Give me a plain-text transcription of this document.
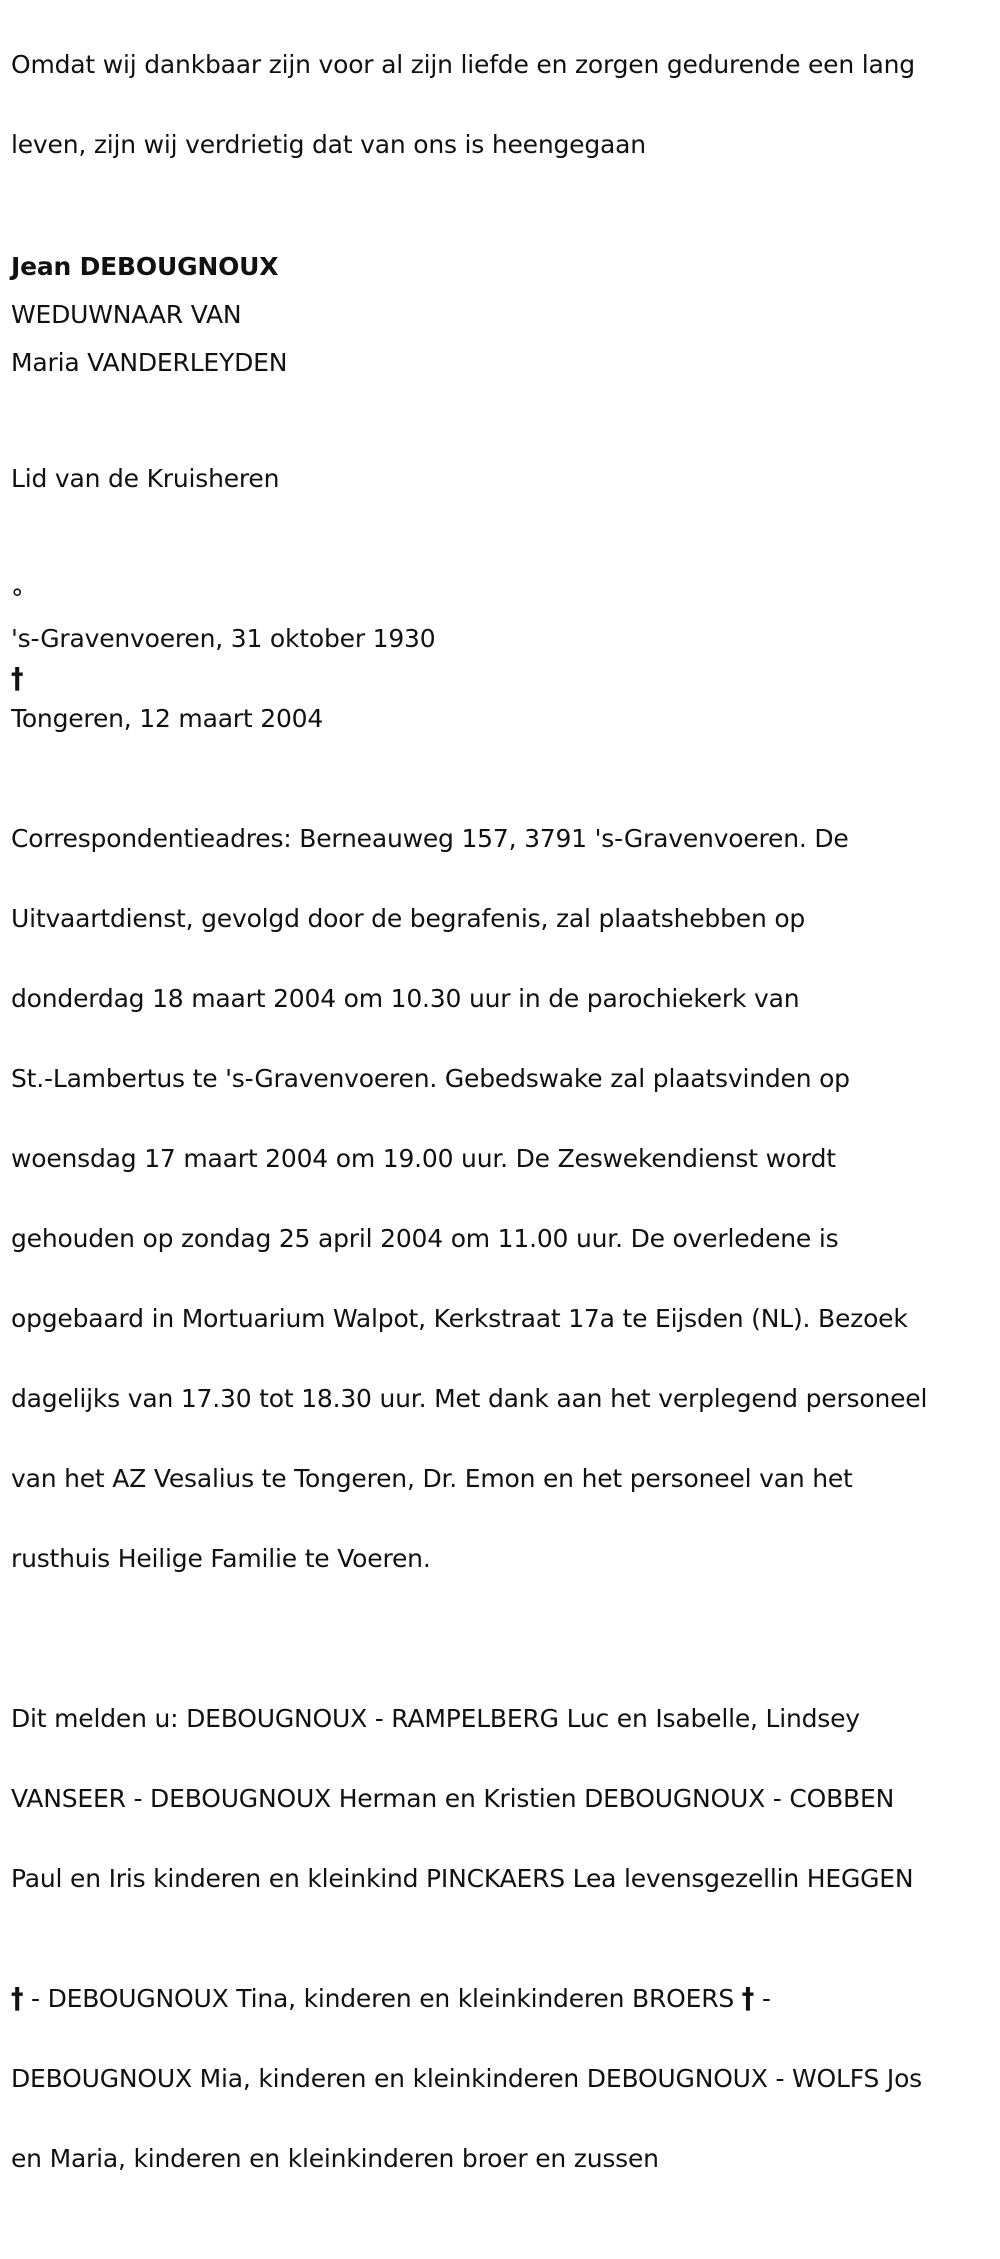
Omdat wij dankbaar zijn voor al zijn liefde en zorgen gedurende een lang

leven, zijn wij verdrietig dat van ons is heengegaan

Jean DEBOUGNOUX
WEDUWNAAR VAN
Maria VANDERLEYDEN

Lid van de Kruisheren

°
's-Gravenvoeren, 31 oktober 1930
†
Tongeren, 12 maart 2004

Correspondentieadres: Berneauweg 157, 3791 's-Gravenvoeren. De

Uitvaartdienst, gevolgd door de begrafenis, zal plaatshebben op

donderdag 18 maart 2004 om 10.30 uur in de parochiekerk van

St.-Lambertus te 's-Gravenvoeren. Gebedswake zal plaatsvinden op

woensdag 17 maart 2004 om 19.00 uur. De Zeswekendienst wordt

gehouden op zondag 25 april 2004 om 11.00 uur. De overledene is

opgebaard in Mortuarium Walpot, Kerkstraat 17a te Eijsden (NL). Bezoek

dagelijks van 17.30 tot 18.30 uur. Met dank aan het verplegend personeel

van het AZ Vesalius te Tongeren, Dr. Emon en het personeel van het

rusthuis Heilige Familie te Voeren.

Dit melden u: DEBOUGNOUX - RAMPELBERG Luc en Isabelle, Lindsey

VANSEER - DEBOUGNOUX Herman en Kristien DEBOUGNOUX - COBBEN

Paul en Iris kinderen en kleinkind PINCKAERS Lea levensgezellin HEGGEN

† - DEBOUGNOUX Tina, kinderen en kleinkinderen BROERS † -

DEBOUGNOUX Mia, kinderen en kleinkinderen DEBOUGNOUX - WOLFS Jos

en Maria, kinderen en kleinkinderen broer en zussen
